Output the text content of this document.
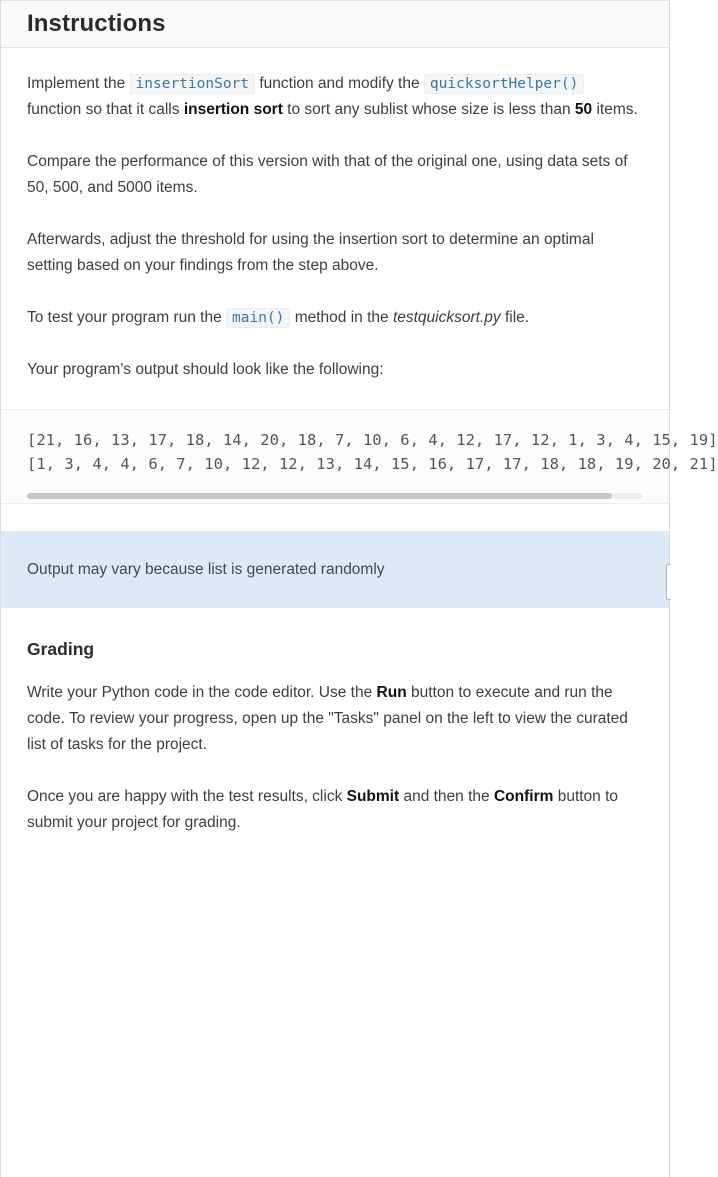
Instructions

Implement the insertionSort function and modify the quicksortHelper() function so that it calls insertion sort to sort any sublist whose size is less than 50 items.

Compare the performance of this version with that of the original one, using data sets of 50, 500, and 5000 items.

Afterwards, adjust the threshold for using the insertion sort to determine an optimal setting based on your findings from the step above.

To test your program run the main() method in the testquicksort.py file.

Your program's output should look like the following:

[21, 16, 13, 17, 18, 14, 20, 18, 7, 10, 6, 4, 12, 17, 12, 1, 3, 4, 15, 19]
[1, 3, 4, 4, 6, 7, 10, 12, 12, 13, 14, 15, 16, 17, 17, 18, 18, 19, 20, 21]
Output may vary because list is generated randomly
Grading

Write your Python code in the code editor. Use the Run button to execute and run the code. To review your progress, open up the "Tasks" panel on the left to view the curated list of tasks for the project.

Once you are happy with the test results, click Submit and then the Confirm button to submit your project for grading.
